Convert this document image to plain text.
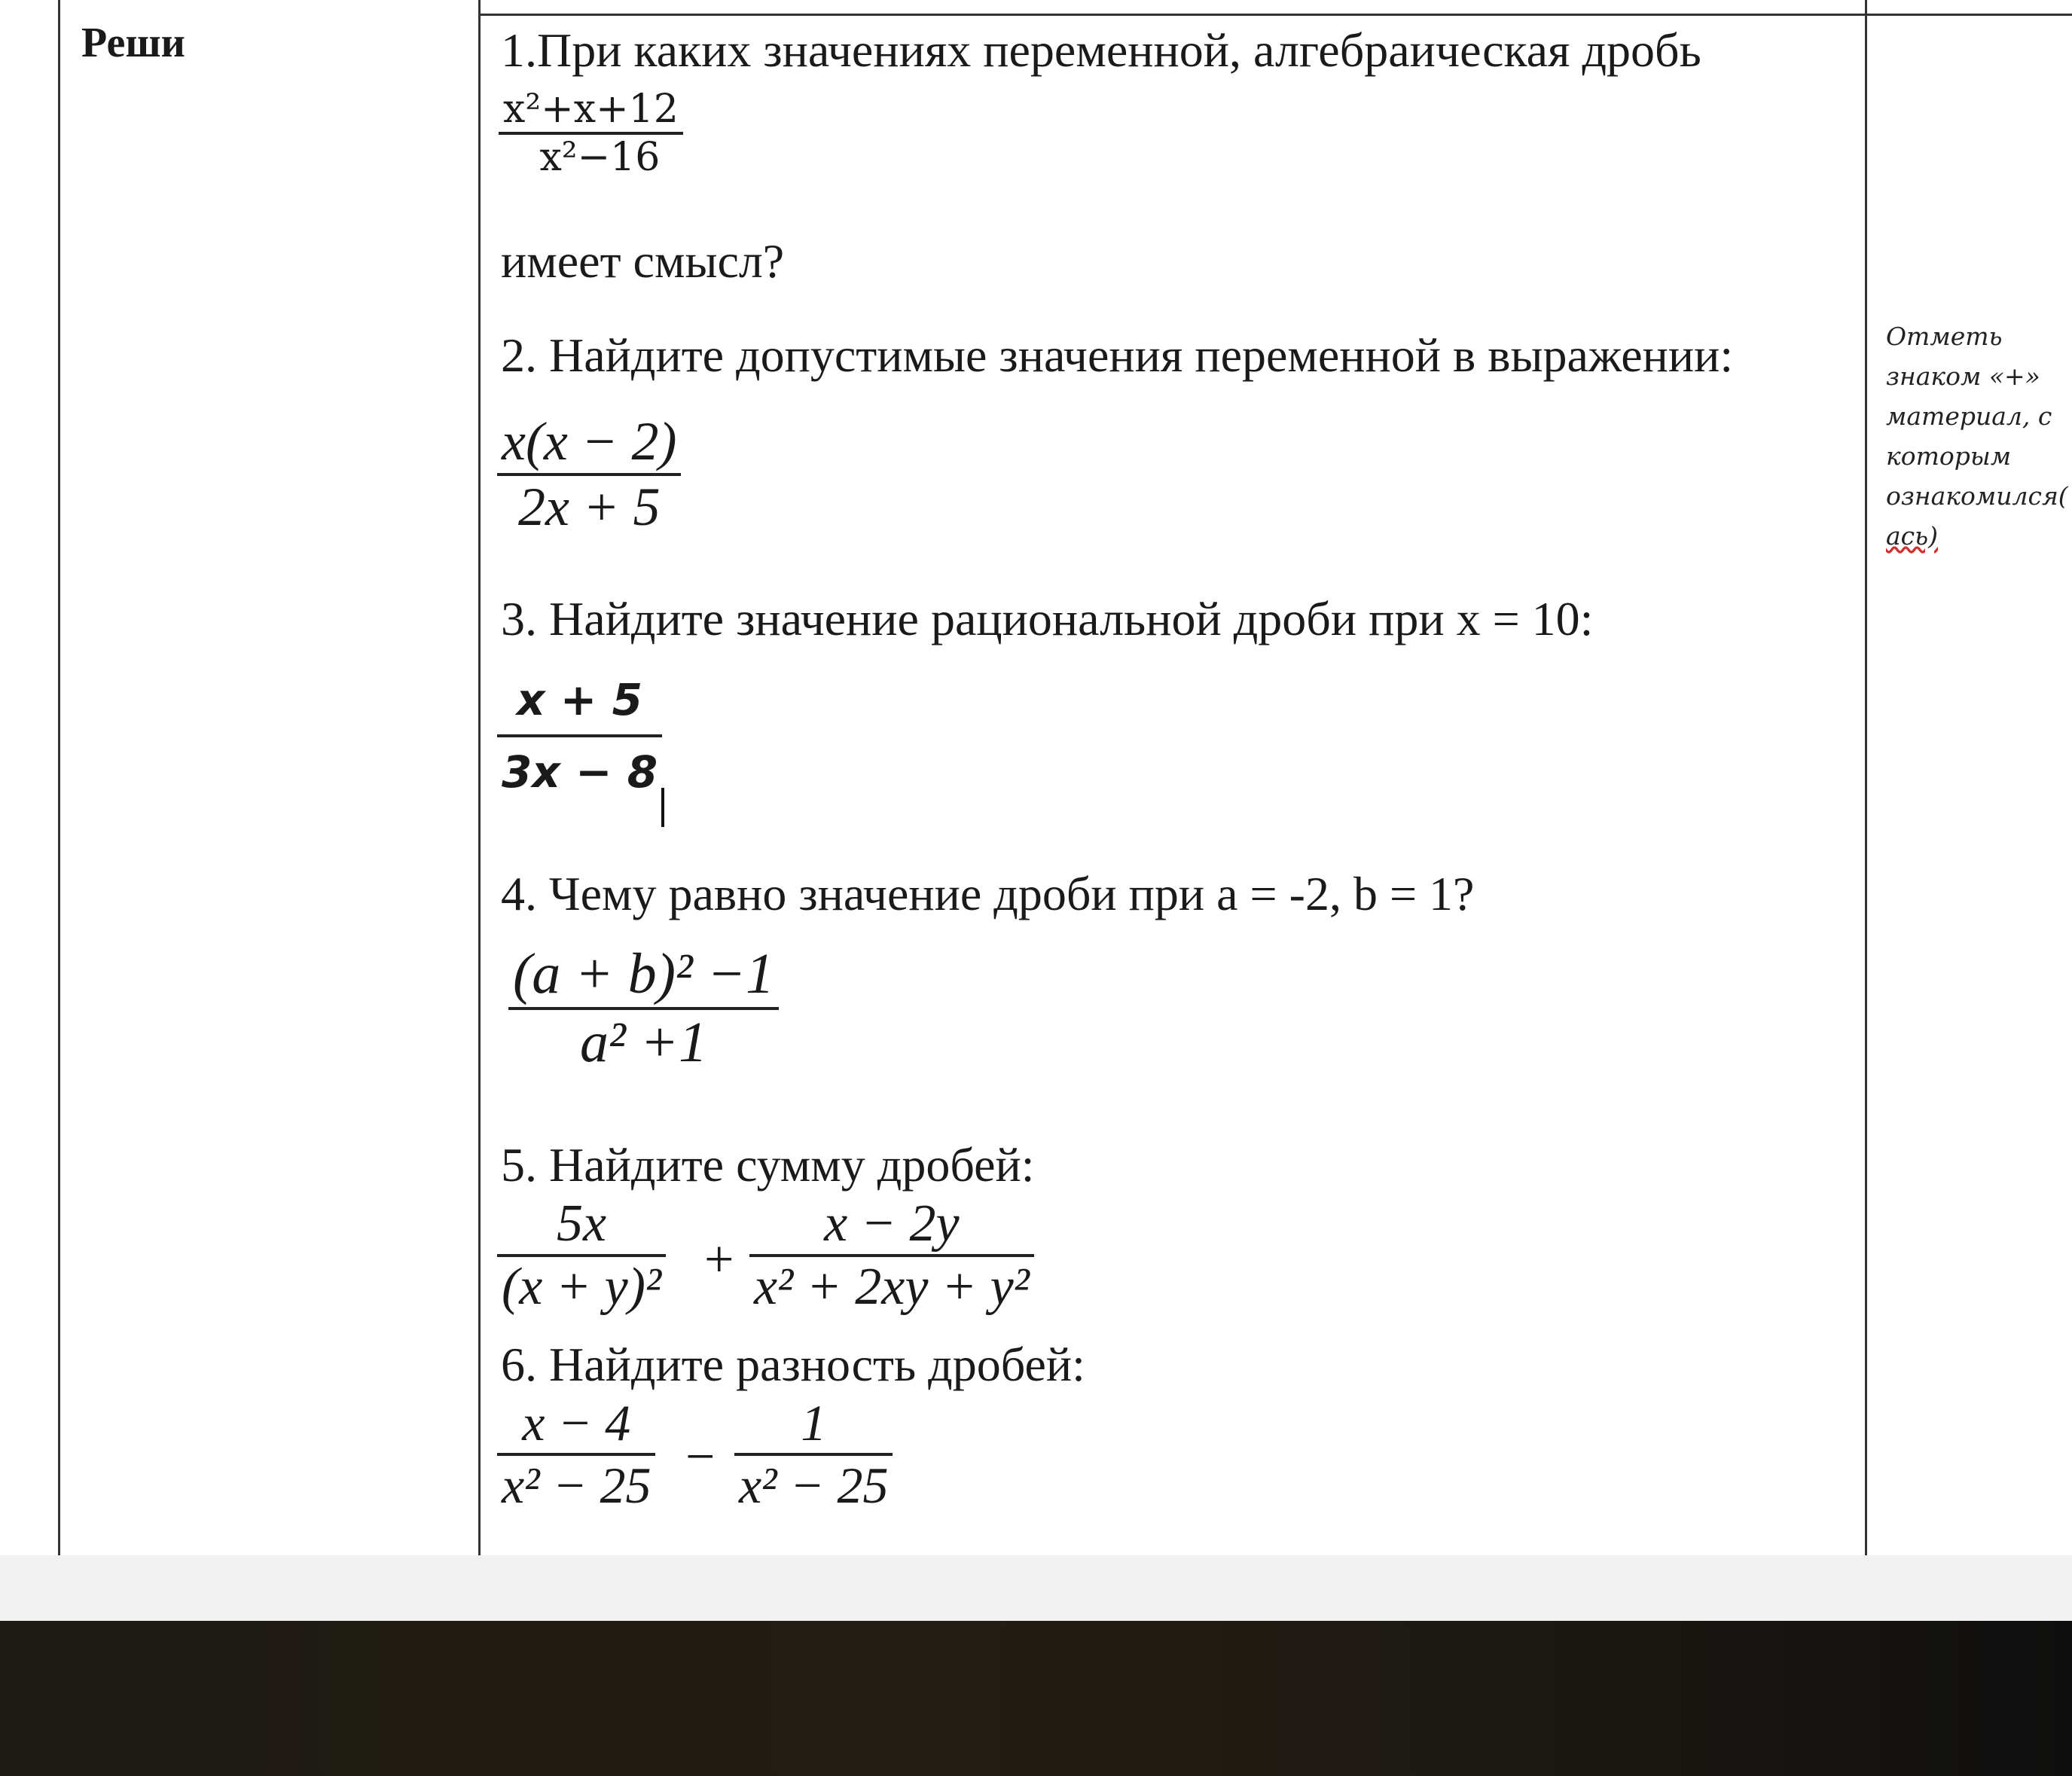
Реши	1.При каких значениях переменной, алгебраическая дробь
x²+x+12
x²−16
имеет смысл?
2. Найдите допустимые значения переменной в выражении:
x(x − 2)
2x + 5
3. Найдите значение рациональной дроби при x = 10:
x + 5
3x − 8
4. Чему равно значение дроби при a = -2, b = 1?
(a + b)² −1
a² +1
5. Найдите сумму дробей:
5x
(x + y)² +
x − 2y
x² + 2xy + y²
6. Найдите разность дробей:
x − 4
x² − 25 −
1
x² − 25
Отметь
знаком «+»
материал, с
которым
ознакомился(
ась)
